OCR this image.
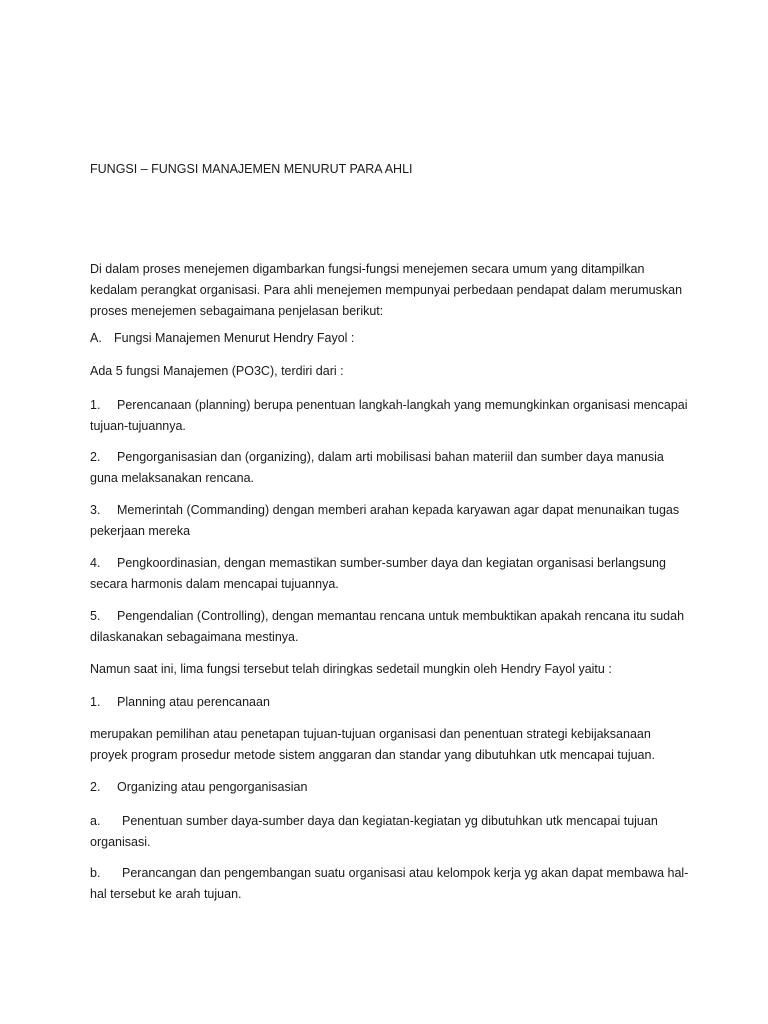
FUNGSI – FUNGSI MANAJEMEN MENURUT PARA AHLI

Di dalam proses menejemen digambarkan fungsi-fungsi menejemen secara umum yang ditampilkan kedalam perangkat organisasi. Para ahli menejemen mempunyai perbedaan pendapat dalam merumuskan proses menejemen sebagaimana penjelasan berikut:

A. Fungsi Manajemen Menurut Hendry Fayol :

Ada 5 fungsi Manajemen (PO3C), terdiri dari :

1. Perencanaan (planning) berupa penentuan langkah-langkah yang memungkinkan organisasi mencapai tujuan-tujuannya.

2. Pengorganisasian dan (organizing), dalam arti mobilisasi bahan materiil dan sumber daya manusia guna melaksanakan rencana.

3. Memerintah (Commanding) dengan memberi arahan kepada karyawan agar dapat menunaikan tugas pekerjaan mereka

4. Pengkoordinasian, dengan memastikan sumber-sumber daya dan kegiatan organisasi berlangsung secara harmonis dalam mencapai tujuannya.

5. Pengendalian (Controlling), dengan memantau rencana untuk membuktikan apakah rencana itu sudah dilaskanakan sebagaimana mestinya.

Namun saat ini, lima fungsi tersebut telah diringkas sedetail mungkin oleh Hendry Fayol yaitu :

1. Planning atau perencanaan

merupakan pemilihan atau penetapan tujuan-tujuan organisasi dan penentuan strategi kebijaksanaan proyek program prosedur metode sistem anggaran dan standar yang dibutuhkan utk mencapai tujuan.

2. Organizing atau pengorganisasian

a. Penentuan sumber daya-sumber daya dan kegiatan-kegiatan yg dibutuhkan utk mencapai tujuan organisasi.

b. Perancangan dan pengembangan suatu organisasi atau kelompok kerja yg akan dapat membawa hal-hal tersebut ke arah tujuan.
